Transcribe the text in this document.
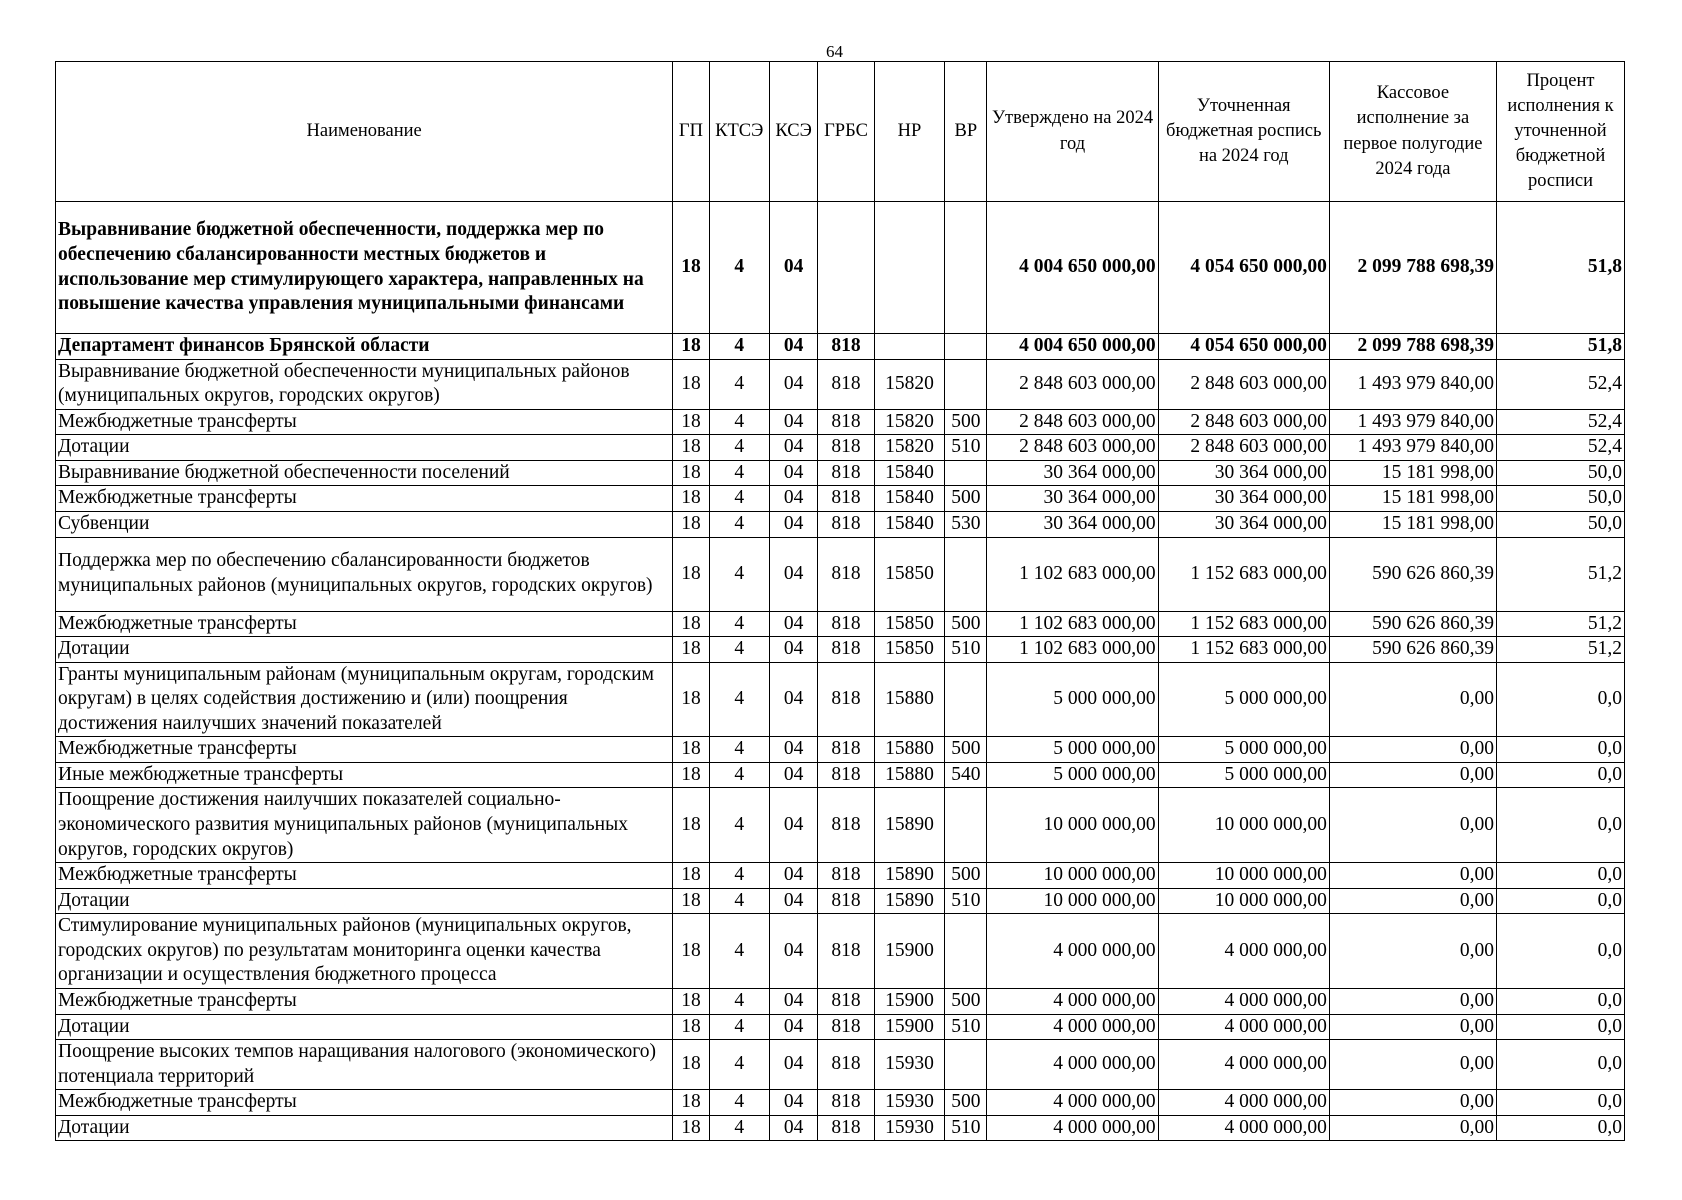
64
Наименование	ГП	КТСЭ	КСЭ	ГРБС	НР	ВР	Утверждено на 2024 год	Уточненная бюджетная роспись на 2024 год	Кассовое исполнение за первое полугодие 2024 года	Процент исполнения к уточненной бюджетной росписи
Выравнивание бюджетной обеспеченности, поддержка мер по обеспечению сбалансированности местных бюджетов и использование мер стимулирующего характера, направленных на повышение качества управления муниципальными финансами	18	4	04				4 004 650 000,00	4 054 650 000,00	2 099 788 698,39	51,8
Департамент финансов Брянской области	18	4	04	818			4 004 650 000,00	4 054 650 000,00	2 099 788 698,39	51,8
Выравнивание бюджетной обеспеченности муниципальных районов (муниципальных округов, городских округов)	18	4	04	818	15820		2 848 603 000,00	2 848 603 000,00	1 493 979 840,00	52,4
Межбюджетные трансферты	18	4	04	818	15820	500	2 848 603 000,00	2 848 603 000,00	1 493 979 840,00	52,4
Дотации	18	4	04	818	15820	510	2 848 603 000,00	2 848 603 000,00	1 493 979 840,00	52,4
Выравнивание бюджетной обеспеченности поселений	18	4	04	818	15840		30 364 000,00	30 364 000,00	15 181 998,00	50,0
Межбюджетные трансферты	18	4	04	818	15840	500	30 364 000,00	30 364 000,00	15 181 998,00	50,0
Субвенции	18	4	04	818	15840	530	30 364 000,00	30 364 000,00	15 181 998,00	50,0
Поддержка мер по обеспечению сбалансированности бюджетов муниципальных районов (муниципальных округов, городских округов)	18	4	04	818	15850		1 102 683 000,00	1 152 683 000,00	590 626 860,39	51,2
Межбюджетные трансферты	18	4	04	818	15850	500	1 102 683 000,00	1 152 683 000,00	590 626 860,39	51,2
Дотации	18	4	04	818	15850	510	1 102 683 000,00	1 152 683 000,00	590 626 860,39	51,2
Гранты муниципальным районам (муниципальным округам, городским округам) в целях содействия достижению и (или) поощрения достижения наилучших значений показателей	18	4	04	818	15880		5 000 000,00	5 000 000,00	0,00	0,0
Межбюджетные трансферты	18	4	04	818	15880	500	5 000 000,00	5 000 000,00	0,00	0,0
Иные межбюджетные трансферты	18	4	04	818	15880	540	5 000 000,00	5 000 000,00	0,00	0,0
Поощрение достижения наилучших показателей социально-экономического развития муниципальных районов (муниципальных округов, городских округов)	18	4	04	818	15890		10 000 000,00	10 000 000,00	0,00	0,0
Межбюджетные трансферты	18	4	04	818	15890	500	10 000 000,00	10 000 000,00	0,00	0,0
Дотации	18	4	04	818	15890	510	10 000 000,00	10 000 000,00	0,00	0,0
Стимулирование муниципальных районов (муниципальных округов, городских округов) по результатам мониторинга оценки качества организации и осуществления бюджетного процесса	18	4	04	818	15900		4 000 000,00	4 000 000,00	0,00	0,0
Межбюджетные трансферты	18	4	04	818	15900	500	4 000 000,00	4 000 000,00	0,00	0,0
Дотации	18	4	04	818	15900	510	4 000 000,00	4 000 000,00	0,00	0,0
Поощрение высоких темпов наращивания налогового (экономического) потенциала территорий	18	4	04	818	15930		4 000 000,00	4 000 000,00	0,00	0,0
Межбюджетные трансферты	18	4	04	818	15930	500	4 000 000,00	4 000 000,00	0,00	0,0
Дотации	18	4	04	818	15930	510	4 000 000,00	4 000 000,00	0,00	0,0
